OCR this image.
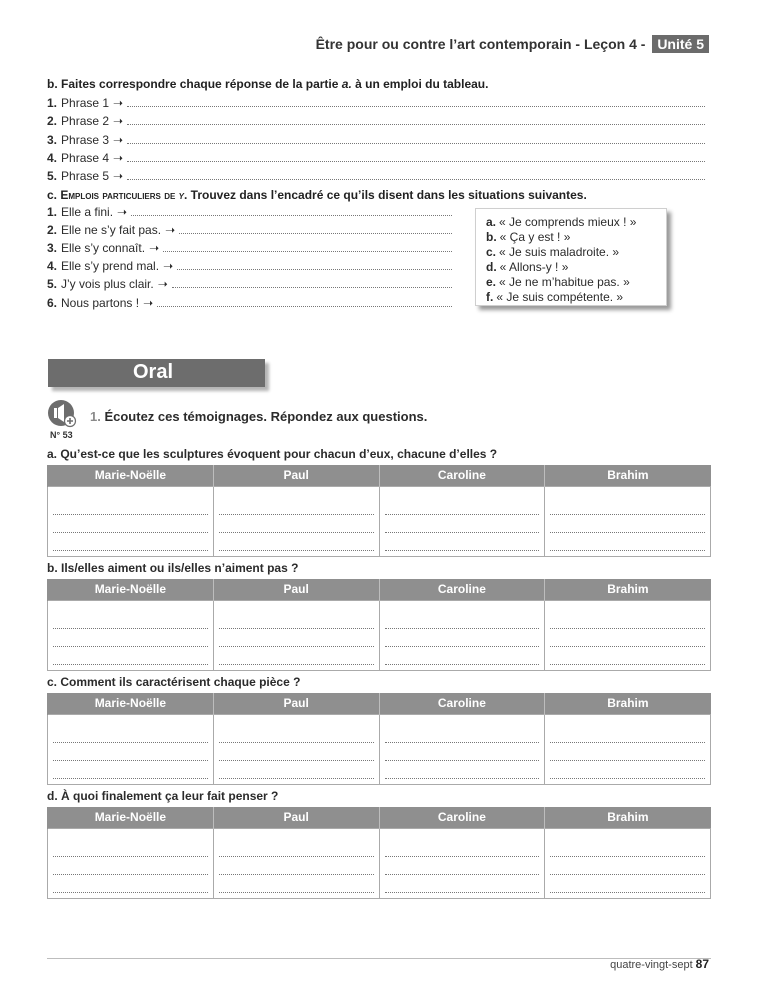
Être pour ou contre l’art contemporain - Leçon 4 - Unité 5
b. Faites correspondre chaque réponse de la partie a. à un emploi du tableau.
1. Phrase 1 ➝
2. Phrase 2 ➝
3. Phrase 3 ➝
4. Phrase 4 ➝
5. Phrase 5 ➝
c. Emplois particuliers de y. Trouvez dans l’encadré ce qu’ils disent dans les situations suivantes.
1. Elle a fini. ➝
2. Elle ne s’y fait pas. ➝
3. Elle s’y connaît. ➝
4. Elle s’y prend mal. ➝
5. J’y vois plus clair. ➝
6. Nous partons ! ➝
a. « Je comprends mieux ! »
b. « Ça y est ! »
c. « Je suis maladroite. »
d. « Allons-y ! »
e. « Je ne m’habitue pas. »
f. « Je suis compétente. »
Oral
N° 53
1. Écoutez ces témoignages. Répondez aux questions.
a. Qu’est-ce que les sculptures évoquent pour chacun d’eux, chacune d’elles ?
Marie-Noëlle	Paul	Caroline	Brahim

b. Ils/elles aiment ou ils/elles n’aiment pas ?
Marie-Noëlle	Paul	Caroline	Brahim

c. Comment ils caractérisent chaque pièce ?
Marie-Noëlle	Paul	Caroline	Brahim

d. À quoi finalement ça leur fait penser ?
Marie-Noëlle	Paul	Caroline	Brahim

quatre-vingt-sept 87
